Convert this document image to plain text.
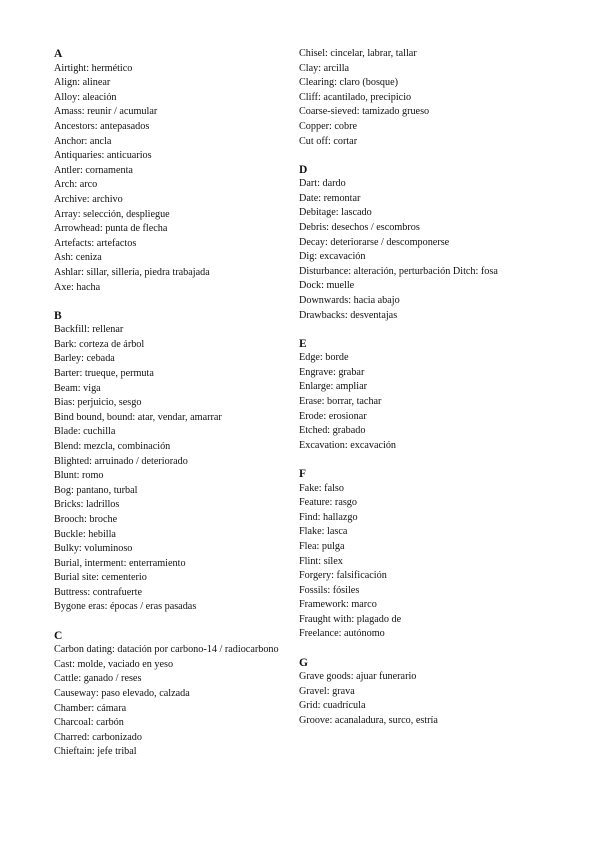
A
Airtight: hermético
Align: alinear
Alloy: aleación
Amass: reunir / acumular
Ancestors: antepasados
Anchor: ancla
Antiquaries: anticuarios
Antler: cornamenta
Arch: arco
Archive: archivo
Array: selección, despliegue
Arrowhead: punta de flecha
Artefacts: artefactos
Ash: ceniza
Ashlar: sillar, sillería, piedra trabajada
Axe: hacha
B
Backfill: rellenar
Bark: corteza de árbol
Barley: cebada
Barter: trueque, permuta
Beam: viga
Bias: perjuicio, sesgo
Bind bound, bound: atar, vendar, amarrar
Blade: cuchilla
Blend: mezcla, combinación
Blighted: arruinado / deteriorado
Blunt: romo
Bog: pantano, turbal
Bricks: ladrillos
Brooch: broche
Buckle: hebilla
Bulky: voluminoso
Burial, interment: enterramiento
Burial site: cementerio
Buttress: contrafuerte
Bygone eras: épocas / eras pasadas
C
Carbon dating: datación por carbono-14 / radiocarbono Cast: molde, vaciado en yeso
Cattle: ganado / reses
Causeway: paso elevado, calzada
Chamber: cámara
Charcoal: carbón
Charred: carbonizado
Chieftain: jefe tribal
Chisel: cincelar, labrar, tallar
Clay: arcilla
Clearing: claro (bosque)
Cliff: acantilado, precipicio
Coarse-sieved: tamizado grueso
Copper: cobre
Cut off: cortar
D
Dart: dardo
Date: remontar
Debitage: lascado
Debris: desechos / escombros
Decay: deteriorarse / descomponerse
Dig: excavación
Disturbance: alteración, perturbación Ditch: fosa
Dock: muelle
Downwards: hacia abajo
Drawbacks: desventajas
E
Edge: borde
Engrave: grabar
Enlarge: ampliar
Erase: borrar, tachar
Erode: erosionar
Etched: grabado
Excavation: excavación
F
Fake: falso
Feature: rasgo
Find: hallazgo
Flake: lasca
Flea: pulga
Flint: sílex
Forgery: falsificación
Fossils: fósiles
Framework: marco
Fraught with: plagado de
Freelance: autónomo
G
Grave goods: ajuar funerario
Gravel: grava
Grid: cuadrícula
Groove: acanaladura, surco, estría
